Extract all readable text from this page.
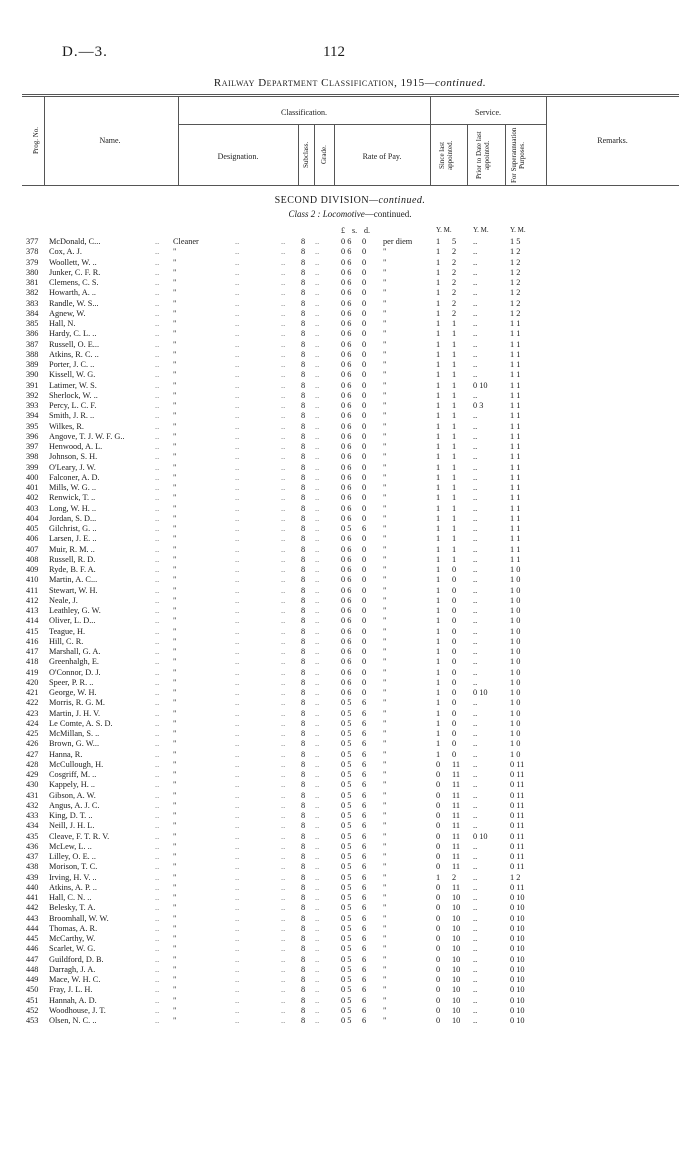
D.—3.	112
Railway Department Classification, 1915—continued.
Prog. No.	Name.
Classification.
Designation.	Subclass. Grade.	Rate of Pay.
Service.
Since last appointed.	Prior to Date last appointed.	For Superannuation Purposes.
Remarks.
SECOND DIVISION—continued.
Class 2 : Locomotive—continued.
£ s. d.	Y. M.	Y. M.	Y. M.
377 McDonald, C...	.. Cleaner	..	.. 8 ..	0 6 0 per diem	1 5 ..	1 5
378 Cox, A. J.	.. "	..	.. 8 ..	0 6 0 "	1 2 ..	1 2
379 Woollett, W. ..	.. "	..	.. 8 ..	0 6 0 "	1 2 ..	1 2
380 Junker, C. F. R.	.. "	..	.. 8 ..	0 6 0 "	1 2 ..	1 2
381 Clemens, C. S.	.. "	..	.. 8 ..	0 6 0 "	1 2 ..	1 2
382 Howarth, A. ..	.. "	..	.. 8 ..	0 6 0 "	1 2 ..	1 2
383 Randle, W. S...	.. "	..	.. 8 ..	0 6 0 "	1 2 ..	1 2
384 Agnew, W.	.. "	..	.. 8 ..	0 6 0 "	1 2 ..	1 2
385 Hall, N.	.. "	..	.. 8 ..	0 6 0 "	1 1 ..	1 1
386 Hardy, C. L. ..	.. "	..	.. 8 ..	0 6 0 "	1 1 ..	1 1
387 Russell, O. E...	.. "	..	.. 8 ..	0 6 0 "	1 1 ..	1 1
388 Atkins, R. C. ..	.. "	..	.. 8 ..	0 6 0 "	1 1 ..	1 1
389 Porter, J. C. ..	.. "	..	.. 8 ..	0 6 0 "	1 1 ..	1 1
390 Kissell, W. G.	.. "	..	.. 8 ..	0 6 0 "	1 1 ..	1 1
391 Latimer, W. S.	.. "	..	.. 8 ..	0 6 0 "	1 1 0 10	1 1
392 Sherlock, W. ..	.. "	..	.. 8 ..	0 6 0 "	1 1 ..	1 1
393 Percy, L. C. F.	.. "	..	.. 8 ..	0 6 0 "	1 1 0 3	1 1
394 Smith, J. R. ..	.. "	..	.. 8 ..	0 6 0 "	1 1 ..	1 1
395 Wilkes, R.	.. "	..	.. 8 ..	0 6 0 "	1 1 ..	1 1
396 Angove, T. J. W. F. G..	.. "	..	.. 8 ..	0 6 0 "	1 1 ..	1 1
397 Henwood, A. L.	.. "	..	.. 8 ..	0 6 0 "	1 1 ..	1 1
398 Johnson, S. H.	.. "	..	.. 8 ..	0 6 0 "	1 1 ..	1 1
399 O'Leary, J. W.	.. "	..	.. 8 ..	0 6 0 "	1 1 ..	1 1
400 Falconer, A. D.	.. "	..	.. 8 ..	0 6 0 "	1 1 ..	1 1
401 Mills, W. G. ..	.. "	..	.. 8 ..	0 6 0 "	1 1 ..	1 1
402 Renwick, T. ..	.. "	..	.. 8 ..	0 6 0 "	1 1 ..	1 1
403 Long, W. H. ..	.. "	..	.. 8 ..	0 6 0 "	1 1 ..	1 1
404 Jordan, S. D...	.. "	..	.. 8 ..	0 6 0 "	1 1 ..	1 1
405 Gilchrist, G. ..	.. "	..	.. 8 ..	0 5 6 "	1 1 ..	1 1
406 Larsen, J. E. ..	.. "	..	.. 8 ..	0 6 0 "	1 1 ..	1 1
407 Muir, R. M. ..	.. "	..	.. 8 ..	0 6 0 "	1 1 ..	1 1
408 Russell, R. D.	.. "	..	.. 8 ..	0 6 0 "	1 1 ..	1 1
409 Ryde, B. F. A.	.. "	..	.. 8 ..	0 6 0 "	1 0 ..	1 0
410 Martin, A. C...	.. "	..	.. 8 ..	0 6 0 "	1 0 ..	1 0
411 Stewart, W. H.	.. "	..	.. 8 ..	0 6 0 "	1 0 ..	1 0
412 Neale, J.	.. "	..	.. 8 ..	0 6 0 "	1 0 ..	1 0
413 Leathley, G. W.	.. "	..	.. 8 ..	0 6 0 "	1 0 ..	1 0
414 Oliver, L. D...	.. "	..	.. 8 ..	0 6 0 "	1 0 ..	1 0
415 Teague, H.	.. "	..	.. 8 ..	0 6 0 "	1 0 ..	1 0
416 Hill, C. R.	.. "	..	.. 8 ..	0 6 0 "	1 0 ..	1 0
417 Marshall, G. A.	.. "	..	.. 8 ..	0 6 0 "	1 0 ..	1 0
418 Greenhalgh, E.	.. "	..	.. 8 ..	0 6 0 "	1 0 ..	1 0
419 O'Connor, D. J.	.. "	..	.. 8 ..	0 6 0 "	1 0 ..	1 0
420 Speer, P. R. ..	.. "	..	.. 8 ..	0 6 0 "	1 0 ..	1 0
421 George, W. H.	.. "	..	.. 8 ..	0 6 0 "	1 0 0 10	1 0
422 Morris, R. G. M.	.. "	..	.. 8 ..	0 5 6 "	1 0 ..	1 0
423 Martin, J. H. V.	.. "	..	.. 8 ..	0 5 6 "	1 0 ..	1 0
424 Le Comte, A. S. D.	.. "	..	.. 8 ..	0 5 6 "	1 0 ..	1 0
425 McMillan, S. ..	.. "	..	.. 8 ..	0 5 6 "	1 0 ..	1 0
426 Brown, G. W...	.. "	..	.. 8 ..	0 5 6 "	1 0 ..	1 0
427 Hanna, R.	.. "	..	.. 8 ..	0 5 6 "	1 0 ..	1 0
428 McCullough, H.	.. "	..	.. 8 ..	0 5 6 "	0 11 ..	0 11
429 Cosgriff, M. ..	.. "	..	.. 8 ..	0 5 6 "	0 11 ..	0 11
430 Kappely, H. ..	.. "	..	.. 8 ..	0 5 6 "	0 11 ..	0 11
431 Gibson, A. W.	.. "	..	.. 8 ..	0 5 6 "	0 11 ..	0 11
432 Angus, A. J. C.	.. "	..	.. 8 ..	0 5 6 "	0 11 ..	0 11
433 King, D. T. ..	.. "	..	.. 8 ..	0 5 6 "	0 11 ..	0 11
434 Neill, J. H. L.	.. "	..	.. 8 ..	0 5 6 "	0 11 ..	0 11
435 Cleave, F. T. R. V.	.. "	..	.. 8 ..	0 5 6 "	0 11 0 10	0 11
436 McLew, L. ..	.. "	..	.. 8 ..	0 5 6 "	0 11 ..	0 11
437 Lilley, O. E. ..	.. "	..	.. 8 ..	0 5 6 "	0 11 ..	0 11
438 Morison, T. C.	.. "	..	.. 8 ..	0 5 6 "	0 11 ..	0 11
439 Irving, H. V. ..	.. "	..	.. 8 ..	0 5 6 "	1 2 ..	1 2
440 Atkins, A. P. ..	.. "	..	.. 8 ..	0 5 6 "	0 11 ..	0 11
441 Hall, C. N. ..	.. "	..	.. 8 ..	0 5 6 "	0 10 ..	0 10
442 Belesky, T. A.	.. "	..	.. 8 ..	0 5 6 "	0 10 ..	0 10
443 Broomhall, W. W.	.. "	..	.. 8 ..	0 5 6 "	0 10 ..	0 10
444 Thomas, A. R.	.. "	..	.. 8 ..	0 5 6 "	0 10 ..	0 10
445 McCarthy, W.	.. "	..	.. 8 ..	0 5 6 "	0 10 ..	0 10
446 Scarlet, W. G.	.. "	..	.. 8 ..	0 5 6 "	0 10 ..	0 10
447 Guildford, D. B.	.. "	..	.. 8 ..	0 5 6 "	0 10 ..	0 10
448 Darragh, J. A.	.. "	..	.. 8 ..	0 5 6 "	0 10 ..	0 10
449 Mace, W. H. C.	.. "	..	.. 8 ..	0 5 6 "	0 10 ..	0 10
450 Fray, J. L. H.	.. "	..	.. 8 ..	0 5 6 "	0 10 ..	0 10
451 Hannah, A. D.	.. "	..	.. 8 ..	0 5 6 "	0 10 ..	0 10
452 Woodhouse, J. T.	.. "	..	.. 8 ..	0 5 6 "	0 10 ..	0 10
453 Olsen, N. C. ..	.. "	..	.. 8 ..	0 5 6 "	0 10 ..	0 10
